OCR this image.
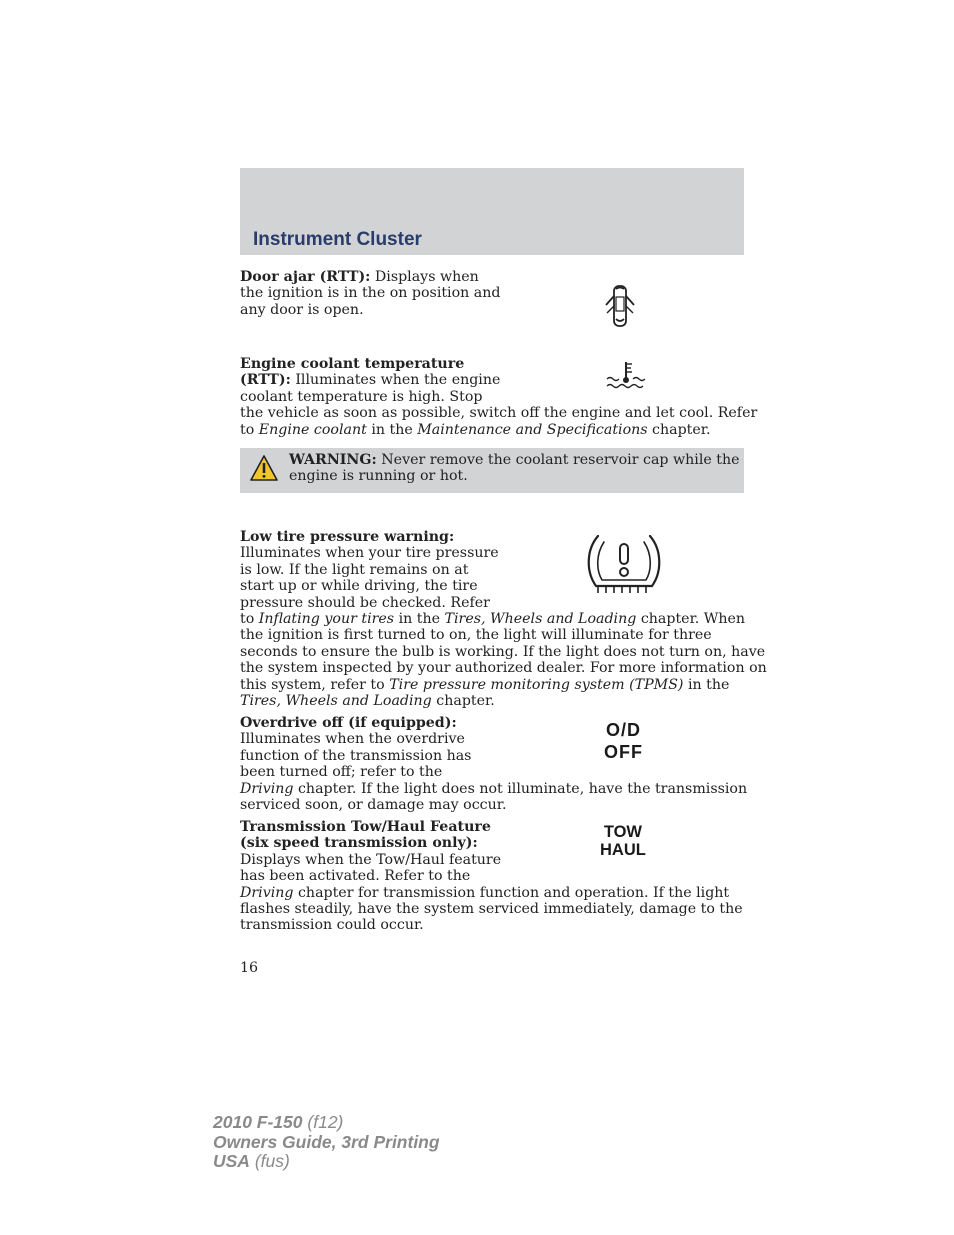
Instrument Cluster
Door ajar (RTT): Displays when
the ignition is in the on position and
any door is open.
Engine coolant temperature
(RTT): Illuminates when the engine
coolant temperature is high. Stop
the vehicle as soon as possible, switch off the engine and let cool. Refer
to Engine coolant in the Maintenance and Specifications chapter.
WARNING: Never remove the coolant reservoir cap while the
engine is running or hot.
Low tire pressure warning:
Illuminates when your tire pressure
is low. If the light remains on at
start up or while driving, the tire
pressure should be checked. Refer
to Inflating your tires in the Tires, Wheels and Loading chapter. When
the ignition is first turned to on, the light will illuminate for three
seconds to ensure the bulb is working. If the light does not turn on, have
the system inspected by your authorized dealer. For more information on
this system, refer to Tire pressure monitoring system (TPMS) in the
Tires, Wheels and Loading chapter.
Overdrive off (if equipped):
Illuminates when the overdrive
function of the transmission has
been turned off; refer to the
Driving chapter. If the light does not illuminate, have the transmission
serviced soon, or damage may occur.
O/D
OFF
Transmission Tow/Haul Feature
(six speed transmission only):
Displays when the Tow/Haul feature
has been activated. Refer to the
Driving chapter for transmission function and operation. If the light
flashes steadily, have the system serviced immediately, damage to the
transmission could occur.
TOW
HAUL
16
2010 F-150 (f12)
Owners Guide, 3rd Printing
USA (fus)
